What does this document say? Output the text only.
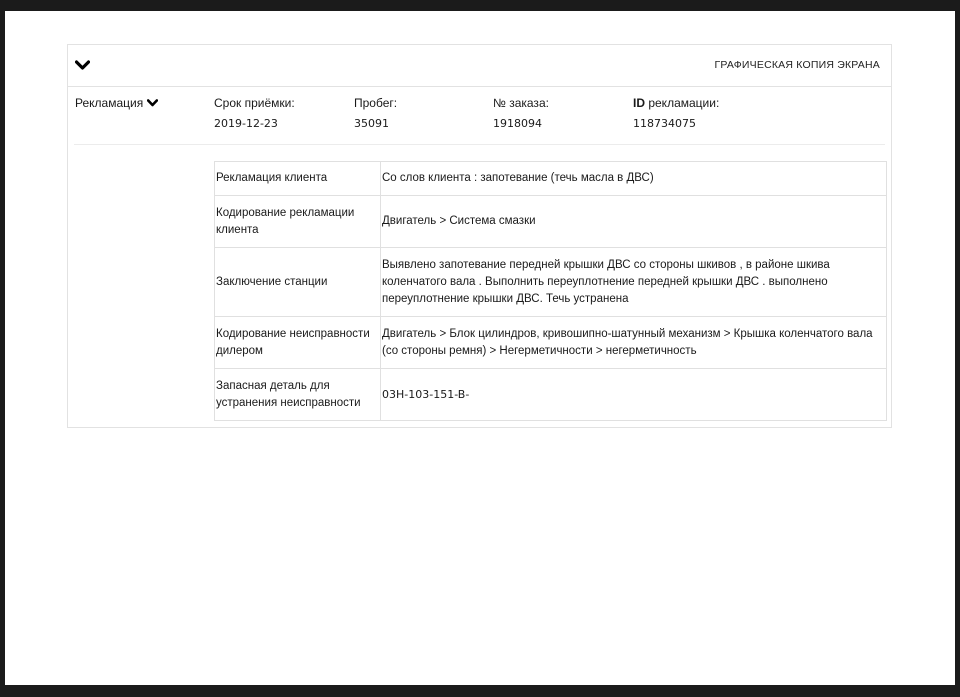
ГРАФИЧЕСКАЯ КОПИЯ ЭКРАНА
Рекламация	Срок приёмки:
2019-12-23
Пробег:
35091
№ заказа:
1918094
ID рекламации:
118734075
Рекламация клиента	Со слов клиента : запотевание (течь масла в ДВС)
Кодирование рекламации клиента	Двигатель > Система смазки
Заключение станции	Выявлено запотевание передней крышки ДВС со стороны шкивов , в районе шкива коленчатого вала . Выполнить переуплотнение передней крышки ДВС . выполнено переуплотнение крышки ДВС. Течь устранена
Кодирование неисправности дилером	Двигатель > Блок цилиндров, кривошипно-шатунный механизм > Крышка коленчатого вала (со стороны ремня) > Негерметичности > негерметичность
Запасная деталь для устранения неисправности	03H-103-151-B-
